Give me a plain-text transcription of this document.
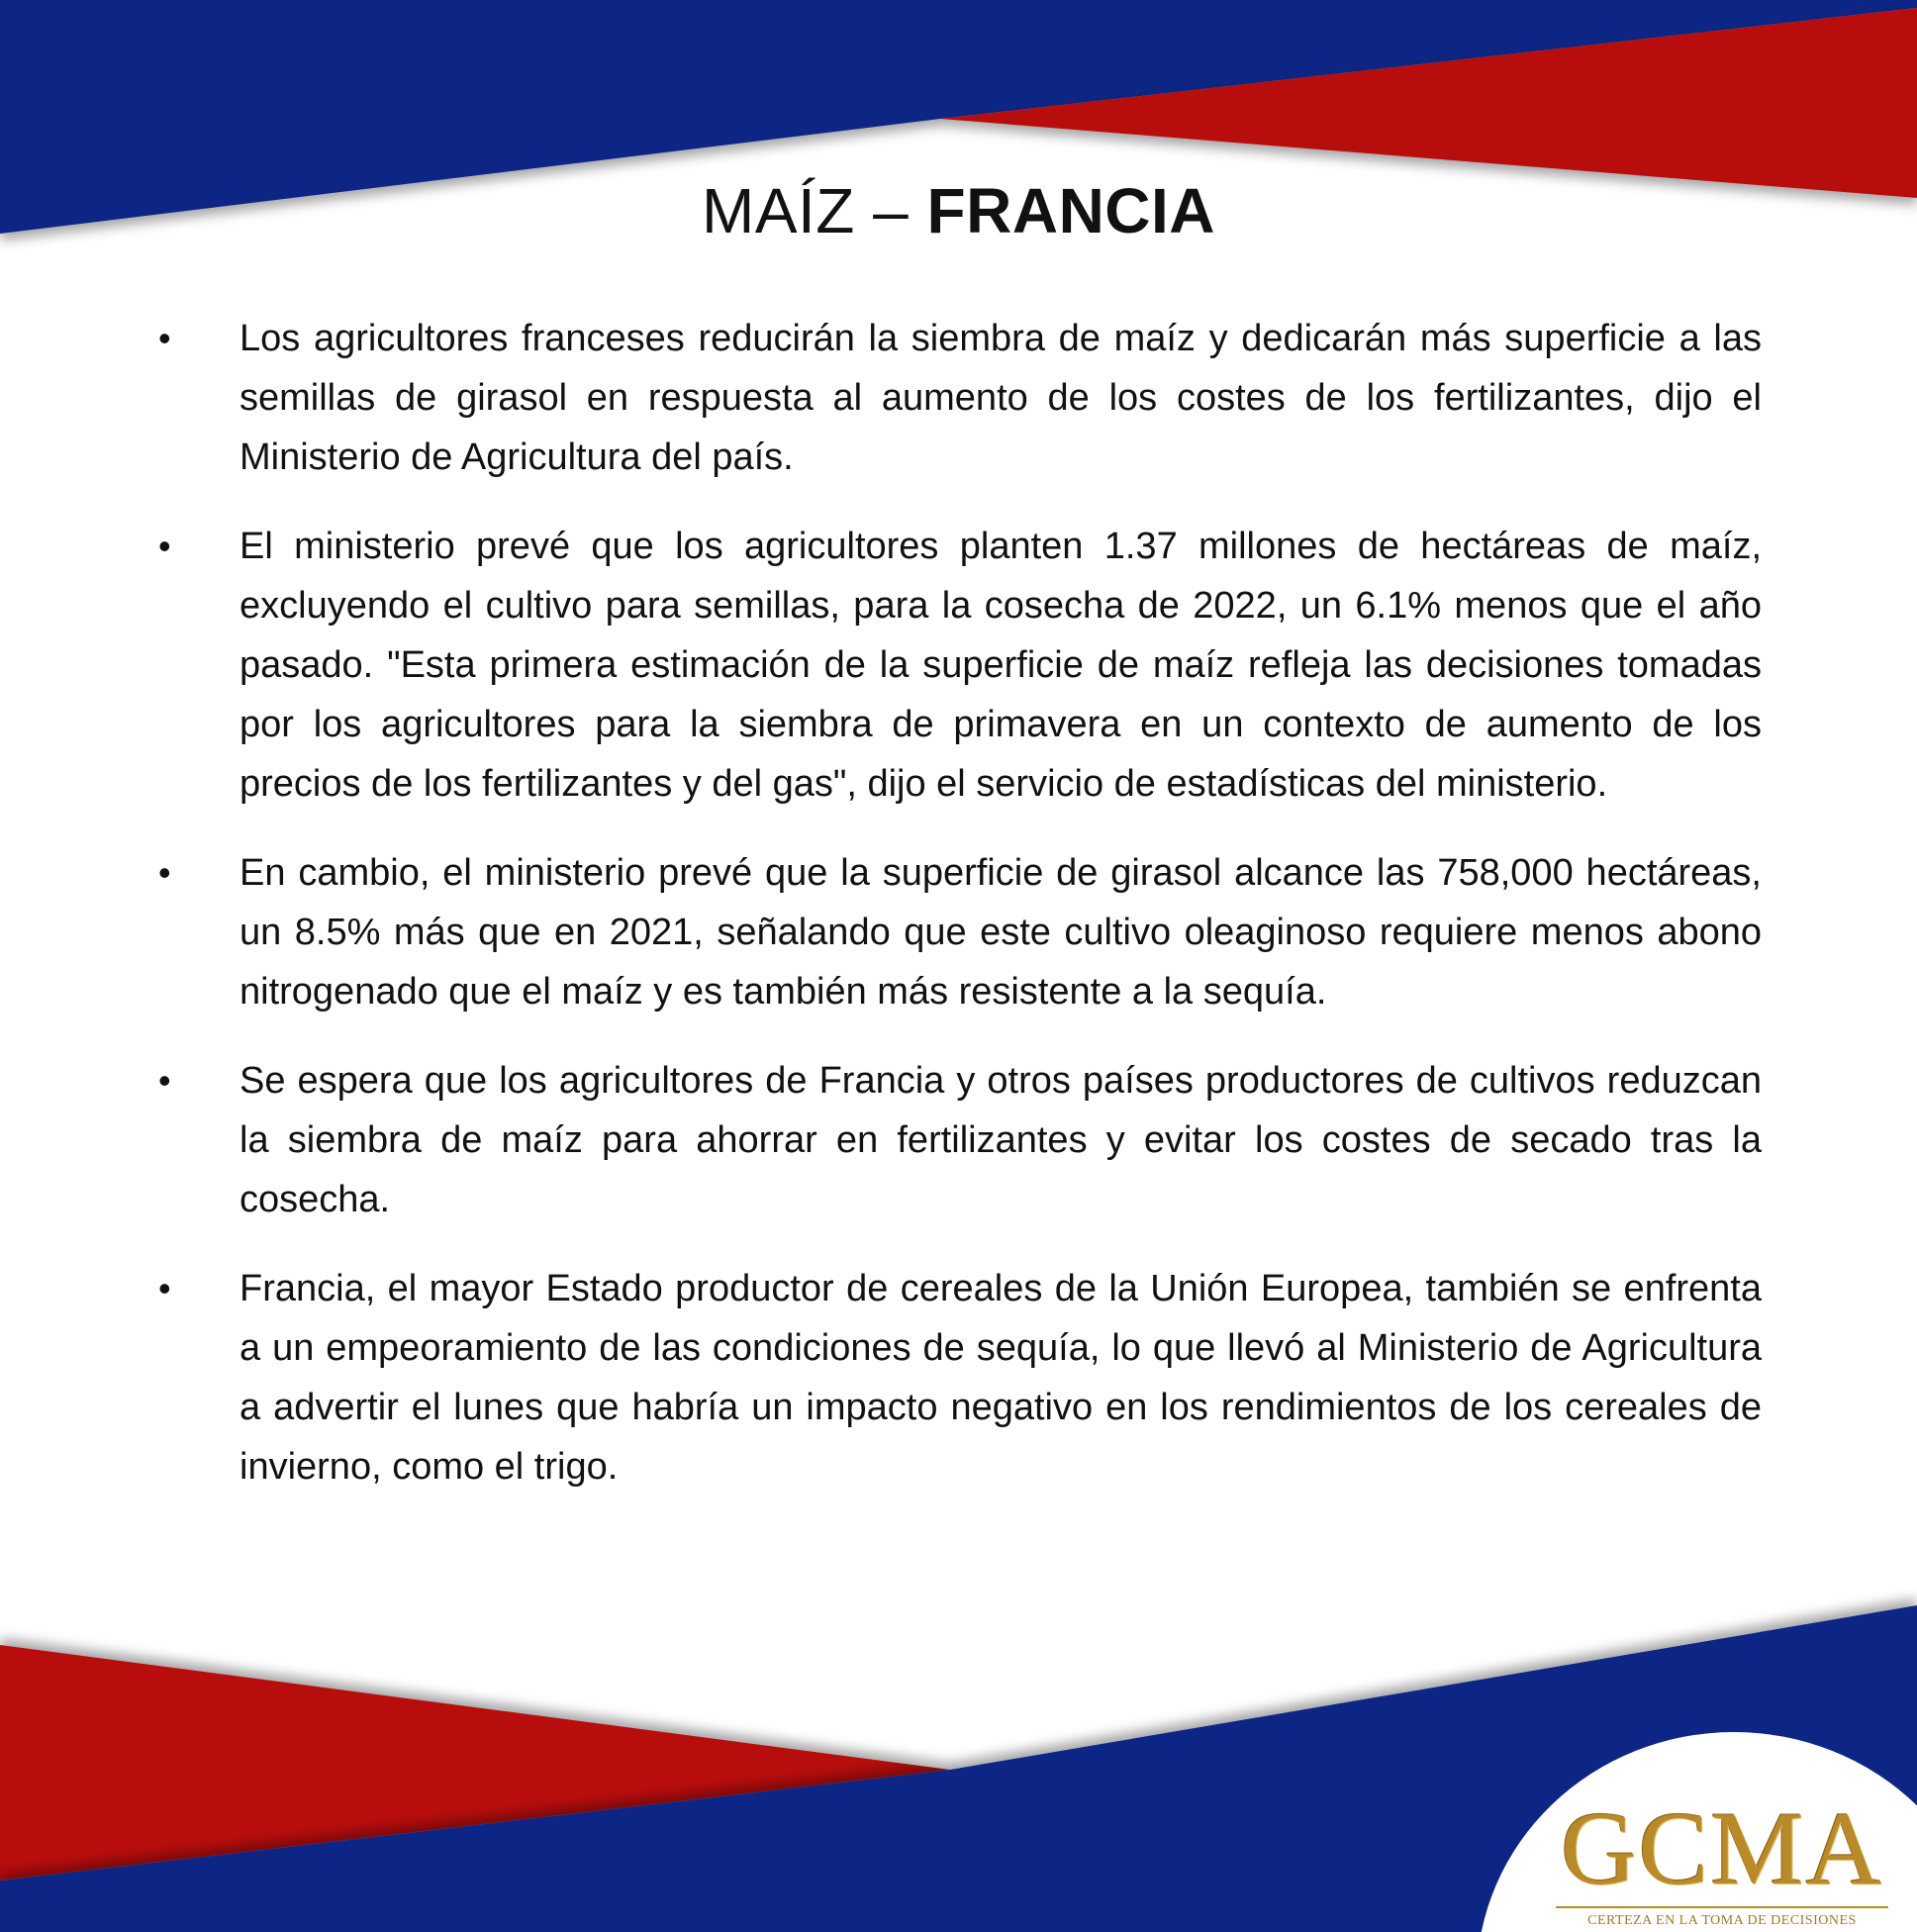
MAÍZ – FRANCIA
• Los agricultores franceses reducirán la siembra de maíz y dedicarán más superficie a las semillas de girasol en respuesta al aumento de los costes de los fertilizantes, dijo el Ministerio de Agricultura del país.
• El ministerio prevé que los agricultores planten 1.37 millones de hectáreas de maíz, excluyendo el cultivo para semillas, para la cosecha de 2022, un 6.1% menos que el año pasado. "Esta primera estimación de la superficie de maíz refleja las decisiones tomadas por los agricultores para la siembra de primavera en un contexto de aumento de los precios de los fertilizantes y del gas", dijo el servicio de estadísticas del ministerio.
• En cambio, el ministerio prevé que la superficie de girasol alcance las 758,000 hectáreas, un 8.5% más que en 2021, señalando que este cultivo oleaginoso requiere menos abono nitrogenado que el maíz y es también más resistente a la sequía.
• Se espera que los agricultores de Francia y otros países productores de cultivos reduzcan la siembra de maíz para ahorrar en fertilizantes y evitar los costes de secado tras la cosecha.
• Francia, el mayor Estado productor de cereales de la Unión Europea, también se enfrenta a un empeoramiento de las condiciones de sequía, lo que llevó al Ministerio de Agricultura a advertir el lunes que habría un impacto negativo en los rendimientos de los cereales de invierno, como el trigo.
GCMA
CERTEZA EN LA TOMA DE DECISIONES
